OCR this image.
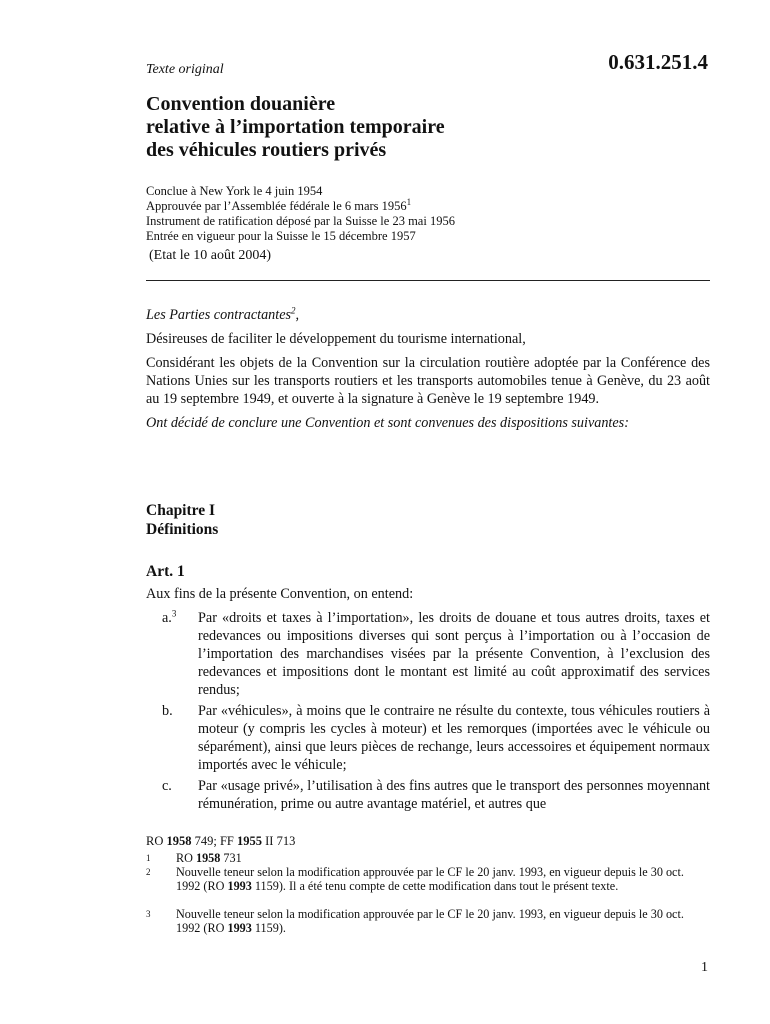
0.631.251.4
Texte original
Convention douanière
relative à l’importation temporaire
des véhicules routiers privés
Conclue à New York le 4 juin 1954
Approuvée par l’Assemblée fédérale le 6 mars 1956$^1$
Instrument de ratification déposé par la Suisse le 23 mai 1956
Entrée en vigueur pour la Suisse le 15 décembre 1957
(Etat le 10 août 2004)

Les Parties contractantes$^2$,

Désireuses de faciliter le développement du tourisme international,

Considérant les objets de la Convention sur la circulation routière adoptée par la Conférence des Nations Unies sur les transports routiers et les transports automobiles tenue à Genève, du 23 août au 19 septembre 1949, et ouverte à la signature à Genève le 19 septembre 1949.

Ont décidé de conclure une Convention et sont convenues des dispositions suivantes:

Chapitre I
Définitions
Art. 1
Aux fins de la présente Convention, on entend:
a.$^3$	Par «droits et taxes à l’importation», les droits de douane et tous autres droits, taxes et redevances ou impositions diverses qui sont perçus à l’importation ou à l’occasion de l’importation des marchandises visées par la présente Convention, à l’exclusion des redevances et impositions dont le montant est limité au coût approximatif des services rendus;
b.	Par «véhicules», à moins que le contraire ne résulte du contexte, tous véhicules routiers à moteur (y compris les cycles à moteur) et les remorques (importées avec le véhicule ou séparément), ainsi que leurs pièces de rechange, leurs accessoires et équipement normaux importés avec le véhicule;
c.	Par «usage privé», l’utilisation à des fins autres que le transport des personnes moyennant rémunération, prime ou autre avantage matériel, et autres que
RO 1958 749; FF 1955 II 713
1 RO 1958 731
2 Nouvelle teneur selon la modification approuvée par le CF le 20 janv. 1993, en vigueur depuis le 30 oct. 1992 (RO 1993 1159). Il a été tenu compte de cette modification dans tout le présent texte.
3 Nouvelle teneur selon la modification approuvée par le CF le 20 janv. 1993, en vigueur depuis le 30 oct. 1992 (RO 1993 1159).
1
